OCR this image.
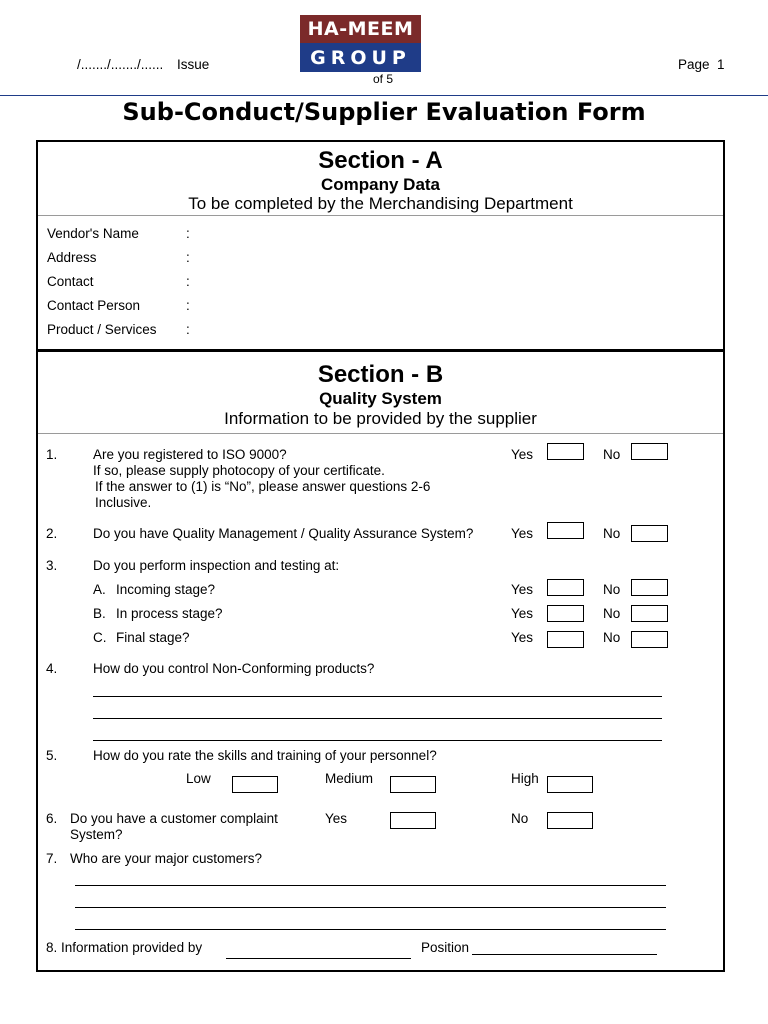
/......./......./...... Issue
HA-MEEM
GROUP
of 5
Page  1
Sub-Conduct/Supplier Evaluation Form
Section - A
Company Data
To be completed by the Merchandising Department
Vendor's Name	:
Address	:
Contact	:
Contact Person	:
Product / Services :
Section - B
Quality System
Information to be provided by the supplier
1.	Are you registered to ISO 9000?
If so, please supply photocopy of your certificate.
If the answer to (1) is “No”, please answer questions 2-6
Inclusive.
Yes	No
2.	Do you have Quality Management / Quality Assurance System?	Yes	No
3.	Do you perform inspection and testing at:
A. Incoming stage?	Yes	No
B. In process stage?	Yes	No
C. Final stage?	Yes	No
4.	How do you control Non-Conforming products?
5.	How do you rate the skills and training of your personnel?
Low	Medium	High
6. Do you have a customer complaint
System?
Yes	No
7. Who are your major customers?
8. Information provided by	Position
